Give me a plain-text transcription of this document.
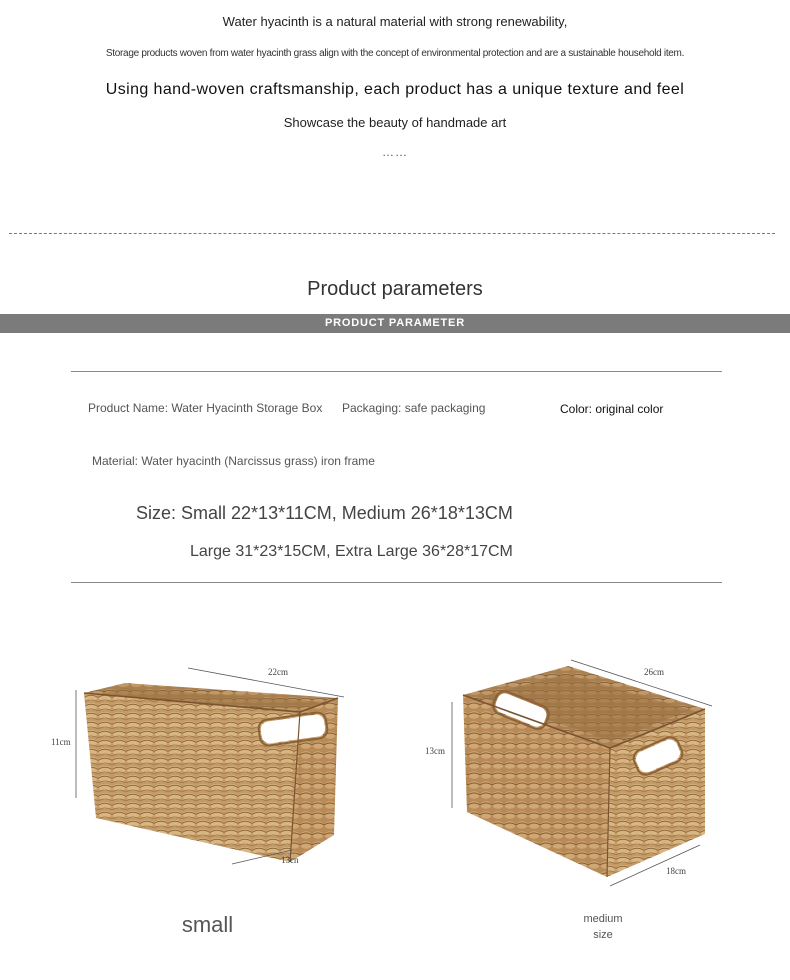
Water hyacinth is a natural material with strong renewability,
Storage products woven from water hyacinth grass align with the concept of environmental protection and are a sustainable household item.
Using hand-woven craftsmanship, each product has a unique texture and feel
Showcase the beauty of handmade art
……
Product parameters
PRODUCT PARAMETER
Product Name: Water Hyacinth Storage Box Packaging: safe packaging	Color: original color
Material: Water hyacinth (Narcissus grass) iron frame
Size: Small 22*13*11CM, Medium 26*18*13CM
Large 31*23*15CM, Extra Large 36*28*17CM
22cm
11cm
13cn
26cm
13cm
18cm
small	medium
size
